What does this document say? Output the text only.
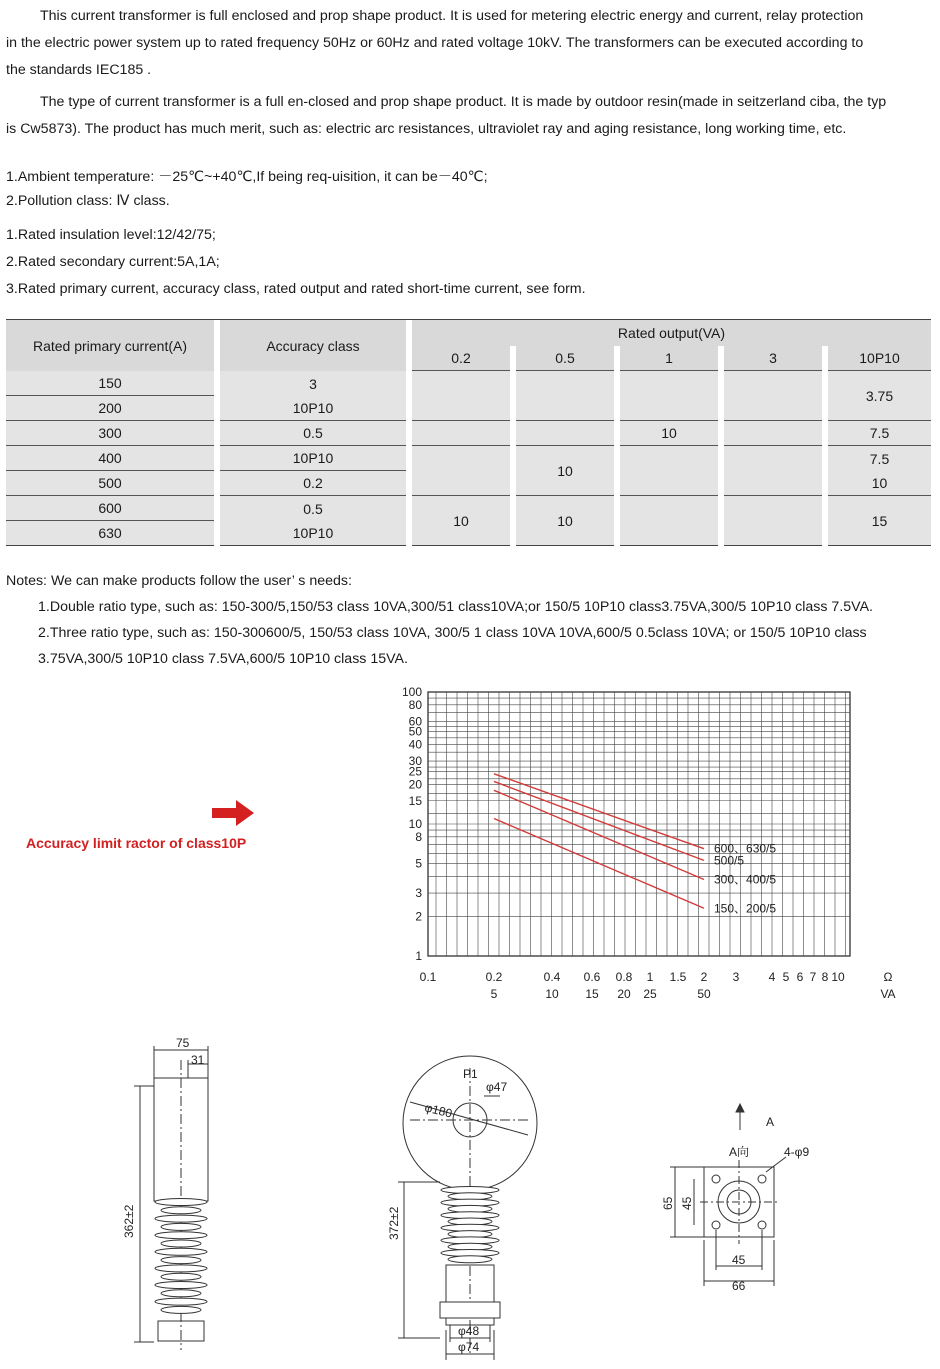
This current transformer is full enclosed and prop shape product. It is used for metering electric energy and current, relay protection
in the electric power system up to rated frequency 50Hz or 60Hz and rated voltage 10kV. The transformers can be executed according to
the standards IEC185 .
The type of current transformer is a full en-closed and prop shape product. It is made by outdoor resin(made in seitzerland ciba, the typ
is Cw5873). The product has much merit, such as: electric arc resistances, ultraviolet ray and aging resistance, long working time, etc.
1.Ambient temperature: －25℃~+40℃,If being req-uisition, it can be－40℃;
2.Pollution class: Ⅳ class.
1.Rated insulation level:12/42/75;
2.Rated secondary current:5A,1A;
3.Rated primary current, accuracy class, rated output and rated short-time current, see form.
Rated primary current(A)		Accuracy class		Rated output(VA)								
				0.2		0.5		1		3		10P10
150		3										3.75
200		10P10										
300		0.5						10				7.5
400		10P10				10						7.5
500		0.2										10
600		0.5		10		10						15
630		10P10										
Notes: We can make products follow the user’ s needs:
1.Double ratio type, such as: 150-300/5,150/53 class 10VA,300/51 class10VA;or 150/5 10P10 class3.75VA,300/5 10P10 class 7.5VA.
2.Three ratio type, such as: 150-300600/5, 150/53 class 10VA, 300/5 1 class 10VA 10VA,600/5 0.5class 10VA; or 150/5 10P10 class
3.75VA,300/5 10P10 class 7.5VA,600/5 10P10 class 15VA.
Accuracy limit ractor of class10P
100
80
60
50
40
30
25
20
15
10
8
5
3
2
1
0.1	0.2	0.4 0.6 0.8 1 1.5 2 3 4 5 6 7 8 10	Ω
5	10 15 20 25	50	VA
600、630/5
500/5
300、400/5
150、200/5
75
31
362±2
P1
φ47
φ180
372±2
φ48
φ74
A
A向	4-φ9
65 45
45
66
